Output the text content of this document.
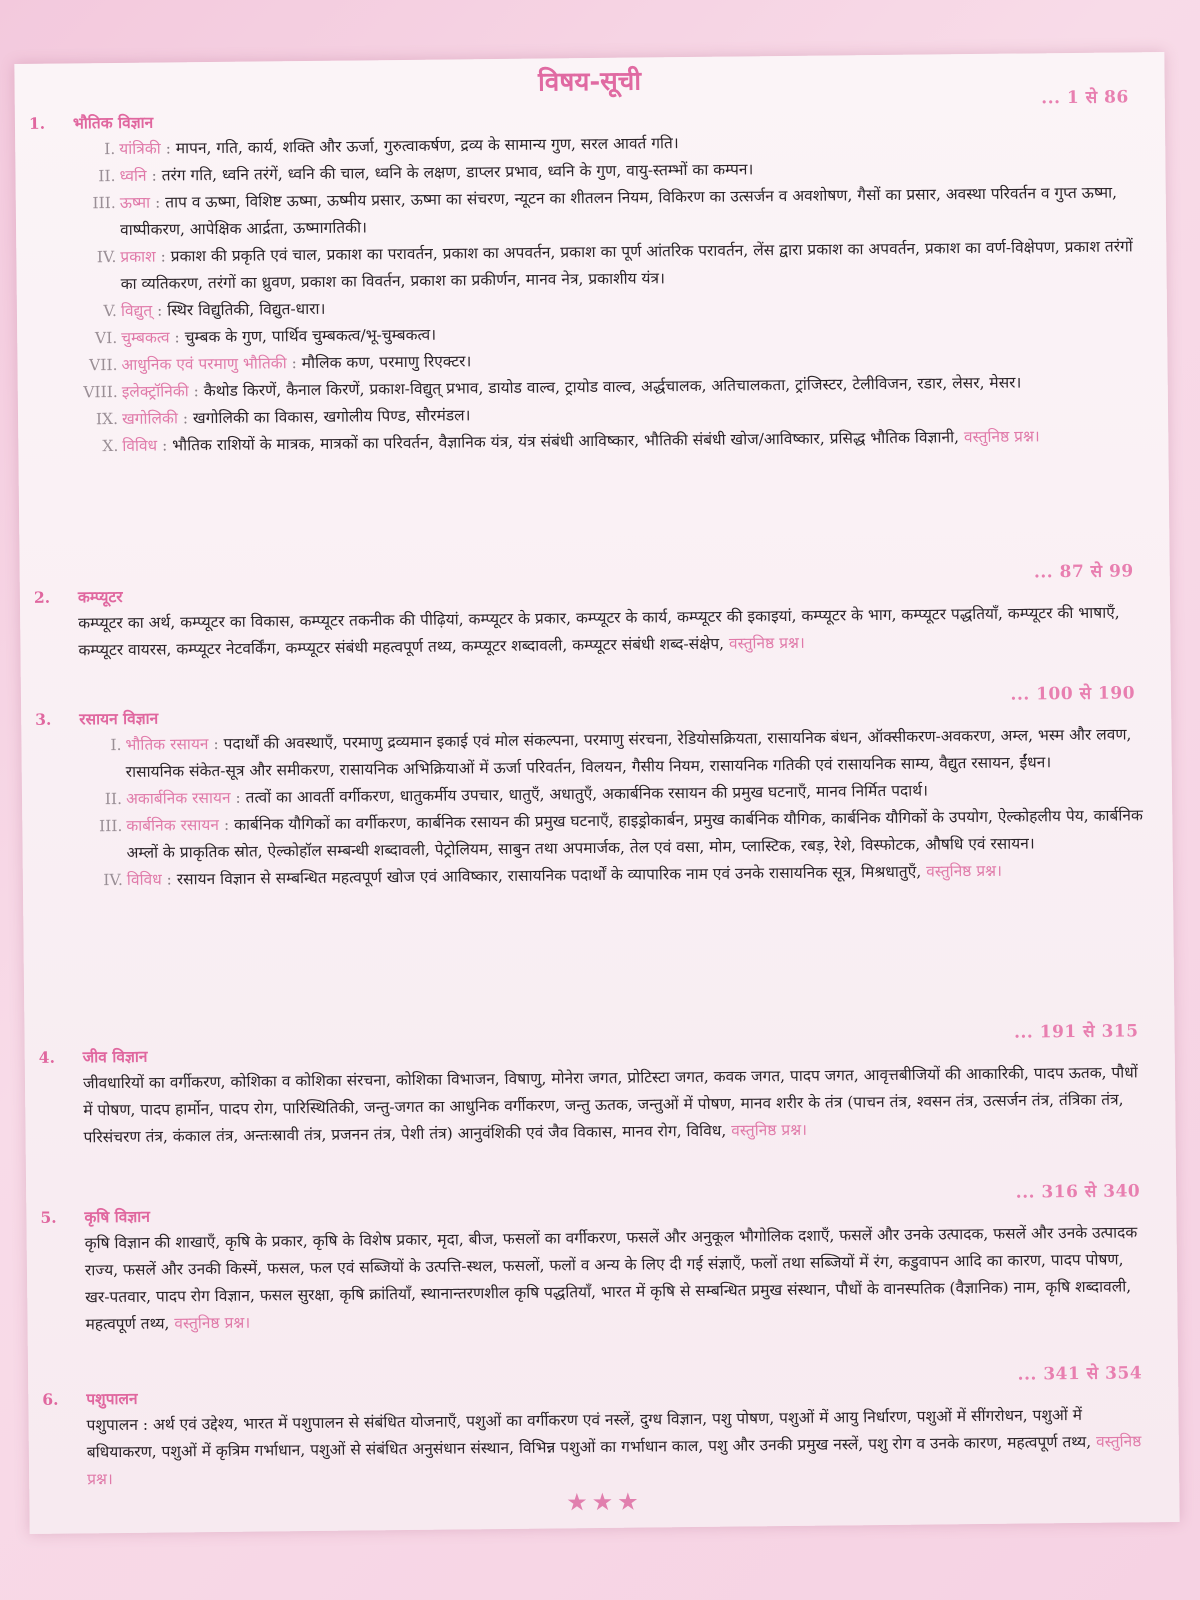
विषय-सूची
1.	भौतिक विज्ञान
... 1 से 86

I. यांत्रिकी : मापन, गति, कार्य, शक्ति और ऊर्जा, गुरुत्वाकर्षण, द्रव्य के सामान्य गुण, सरल आवर्त गति।

II. ध्वनि : तरंग गति, ध्वनि तरंगें, ध्वनि की चाल, ध्वनि के लक्षण, डाप्लर प्रभाव, ध्वनि के गुण, वायु-स्तम्भों का कम्पन।

III. ऊष्मा : ताप व ऊष्मा, विशिष्ट ऊष्मा, ऊष्मीय प्रसार, ऊष्मा का संचरण, न्यूटन का शीतलन नियम, विकिरण का उत्सर्जन व अवशोषण, गैसों का प्रसार, अवस्था परिवर्तन व गुप्त ऊष्मा, वाष्पीकरण, आपेक्षिक आर्द्रता, ऊष्मागतिकी।

IV. प्रकाश : प्रकाश की प्रकृति एवं चाल, प्रकाश का परावर्तन, प्रकाश का अपवर्तन, प्रकाश का पूर्ण आंतरिक परावर्तन, लेंस द्वारा प्रकाश का अपवर्तन, प्रकाश का वर्ण-विक्षेपण, प्रकाश तरंगों का व्यतिकरण, तरंगों का ध्रुवण, प्रकाश का विवर्तन, प्रकाश का प्रकीर्णन, मानव नेत्र, प्रकाशीय यंत्र।

V. विद्युत् : स्थिर विद्युतिकी, विद्युत-धारा।

VI. चुम्बकत्व : चुम्बक के गुण, पार्थिव चुम्बकत्व/भू-चुम्बकत्व।

VII. आधुनिक एवं परमाणु भौतिकी : मौलिक कण, परमाणु रिएक्टर।

VIII. इलेक्ट्रॉनिकी : कैथोड किरणें, कैनाल किरणें, प्रकाश-विद्युत् प्रभाव, डायोड वाल्व, ट्रायोड वाल्व, अर्द्धचालक, अतिचालकता, ट्रांजिस्टर, टेलीविजन, रडार, लेसर, मेसर।

IX. खगोलिकी : खगोलिकी का विकास, खगोलीय पिण्ड, सौरमंडल।

X. विविध : भौतिक राशियों के मात्रक, मात्रकों का परिवर्तन, वैज्ञानिक यंत्र, यंत्र संबंधी आविष्कार, भौतिकी संबंधी खोज/आविष्कार, प्रसिद्ध भौतिक विज्ञानी, वस्तुनिष्ठ प्रश्न।

2.	कम्प्यूटर
... 87 से 99

कम्प्यूटर का अर्थ, कम्प्यूटर का विकास, कम्प्यूटर तकनीक की पीढ़ियां, कम्प्यूटर के प्रकार, कम्प्यूटर के कार्य, कम्प्यूटर की इकाइयां, कम्प्यूटर के भाग, कम्प्यूटर पद्धतियाँ, कम्प्यूटर की भाषाएँ, कम्प्यूटर वायरस, कम्प्यूटर नेटवर्किंग, कम्प्यूटर संबंधी महत्वपूर्ण तथ्य, कम्प्यूटर शब्दावली, कम्प्यूटर संबंधी शब्द-संक्षेप, वस्तुनिष्ठ प्रश्न।

3.	रसायन विज्ञान
... 100 से 190

I. भौतिक रसायन : पदार्थों की अवस्थाएँ, परमाणु द्रव्यमान इकाई एवं मोल संकल्पना, परमाणु संरचना, रेडियोसक्रियता, रासायनिक बंधन, ऑक्सीकरण-अवकरण, अम्ल, भस्म और लवण, रासायनिक संकेत-सूत्र और समीकरण, रासायनिक अभिक्रियाओं में ऊर्जा परिवर्तन, विलयन, गैसीय नियम, रासायनिक गतिकी एवं रासायनिक साम्य, वैद्युत रसायन, ईंधन।

II. अकार्बनिक रसायन : तत्वों का आवर्ती वर्गीकरण, धातुकर्मीय उपचार, धातुएँ, अधातुएँ, अकार्बनिक रसायन की प्रमुख घटनाएँ, मानव निर्मित पदार्थ।

III. कार्बनिक रसायन : कार्बनिक यौगिकों का वर्गीकरण, कार्बनिक रसायन की प्रमुख घटनाएँ, हाइड्रोकार्बन, प्रमुख कार्बनिक यौगिक, कार्बनिक यौगिकों के उपयोग, ऐल्कोहलीय पेय, कार्बनिक अम्लों के प्राकृतिक स्रोत, ऐल्कोहॉल सम्बन्धी शब्दावली, पेट्रोलियम, साबुन तथा अपमार्जक, तेल एवं वसा, मोम, प्लास्टिक, रबड़, रेशे, विस्फोटक, औषधि एवं रसायन।

IV. विविध : रसायन विज्ञान से सम्बन्धित महत्वपूर्ण खोज एवं आविष्कार, रासायनिक पदार्थों के व्यापारिक नाम एवं उनके रासायनिक सूत्र, मिश्रधातुएँ, वस्तुनिष्ठ प्रश्न।

4.	जीव विज्ञान
... 191 से 315

जीवधारियों का वर्गीकरण, कोशिका व कोशिका संरचना, कोशिका विभाजन, विषाणु, मोनेरा जगत, प्रोटिस्टा जगत, कवक जगत, पादप जगत, आवृत्तबीजियों की आकारिकी, पादप ऊतक, पौधों में पोषण, पादप हार्मोन, पादप रोग, पारिस्थितिकी, जन्तु-जगत का आधुनिक वर्गीकरण, जन्तु ऊतक, जन्तुओं में पोषण, मानव शरीर के तंत्र (पाचन तंत्र, श्वसन तंत्र, उत्सर्जन तंत्र, तंत्रिका तंत्र, परिसंचरण तंत्र, कंकाल तंत्र, अन्तःस्रावी तंत्र, प्रजनन तंत्र, पेशी तंत्र) आनुवंशिकी एवं जैव विकास, मानव रोग, विविध, वस्तुनिष्ठ प्रश्न।

5.	कृषि विज्ञान
... 316 से 340

कृषि विज्ञान की शाखाएँ, कृषि के प्रकार, कृषि के विशेष प्रकार, मृदा, बीज, फसलों का वर्गीकरण, फसलें और अनुकूल भौगोलिक दशाएँ, फसलें और उनके उत्पादक, फसलें और उनके उत्पादक राज्य, फसलें और उनकी किस्में, फसल, फल एवं सब्जियों के उत्पत्ति-स्थल, फसलों, फलों व अन्य के लिए दी गई संज्ञाएँ, फलों तथा सब्जियों में रंग, कडुवापन आदि का कारण, पादप पोषण, खर-पतवार, पादप रोग विज्ञान, फसल सुरक्षा, कृषि क्रांतियाँ, स्थानान्तरणशील कृषि पद्धतियाँ, भारत में कृषि से सम्बन्धित प्रमुख संस्थान, पौधों के वानस्पतिक (वैज्ञानिक) नाम, कृषि शब्दावली, महत्वपूर्ण तथ्य, वस्तुनिष्ठ प्रश्न।

6.	पशुपालन
... 341 से 354

पशुपालन : अर्थ एवं उद्देश्य, भारत में पशुपालन से संबंधित योजनाएँ, पशुओं का वर्गीकरण एवं नस्लें, दुग्ध विज्ञान, पशु पोषण, पशुओं में आयु निर्धारण, पशुओं में सींगरोधन, पशुओं में बधियाकरण, पशुओं में कृत्रिम गर्भाधान, पशुओं से संबंधित अनुसंधान संस्थान, विभिन्न पशुओं का गर्भाधान काल, पशु और उनकी प्रमुख नस्लें, पशु रोग व उनके कारण, महत्वपूर्ण तथ्य, वस्तुनिष्ठ प्रश्न।

★★★
